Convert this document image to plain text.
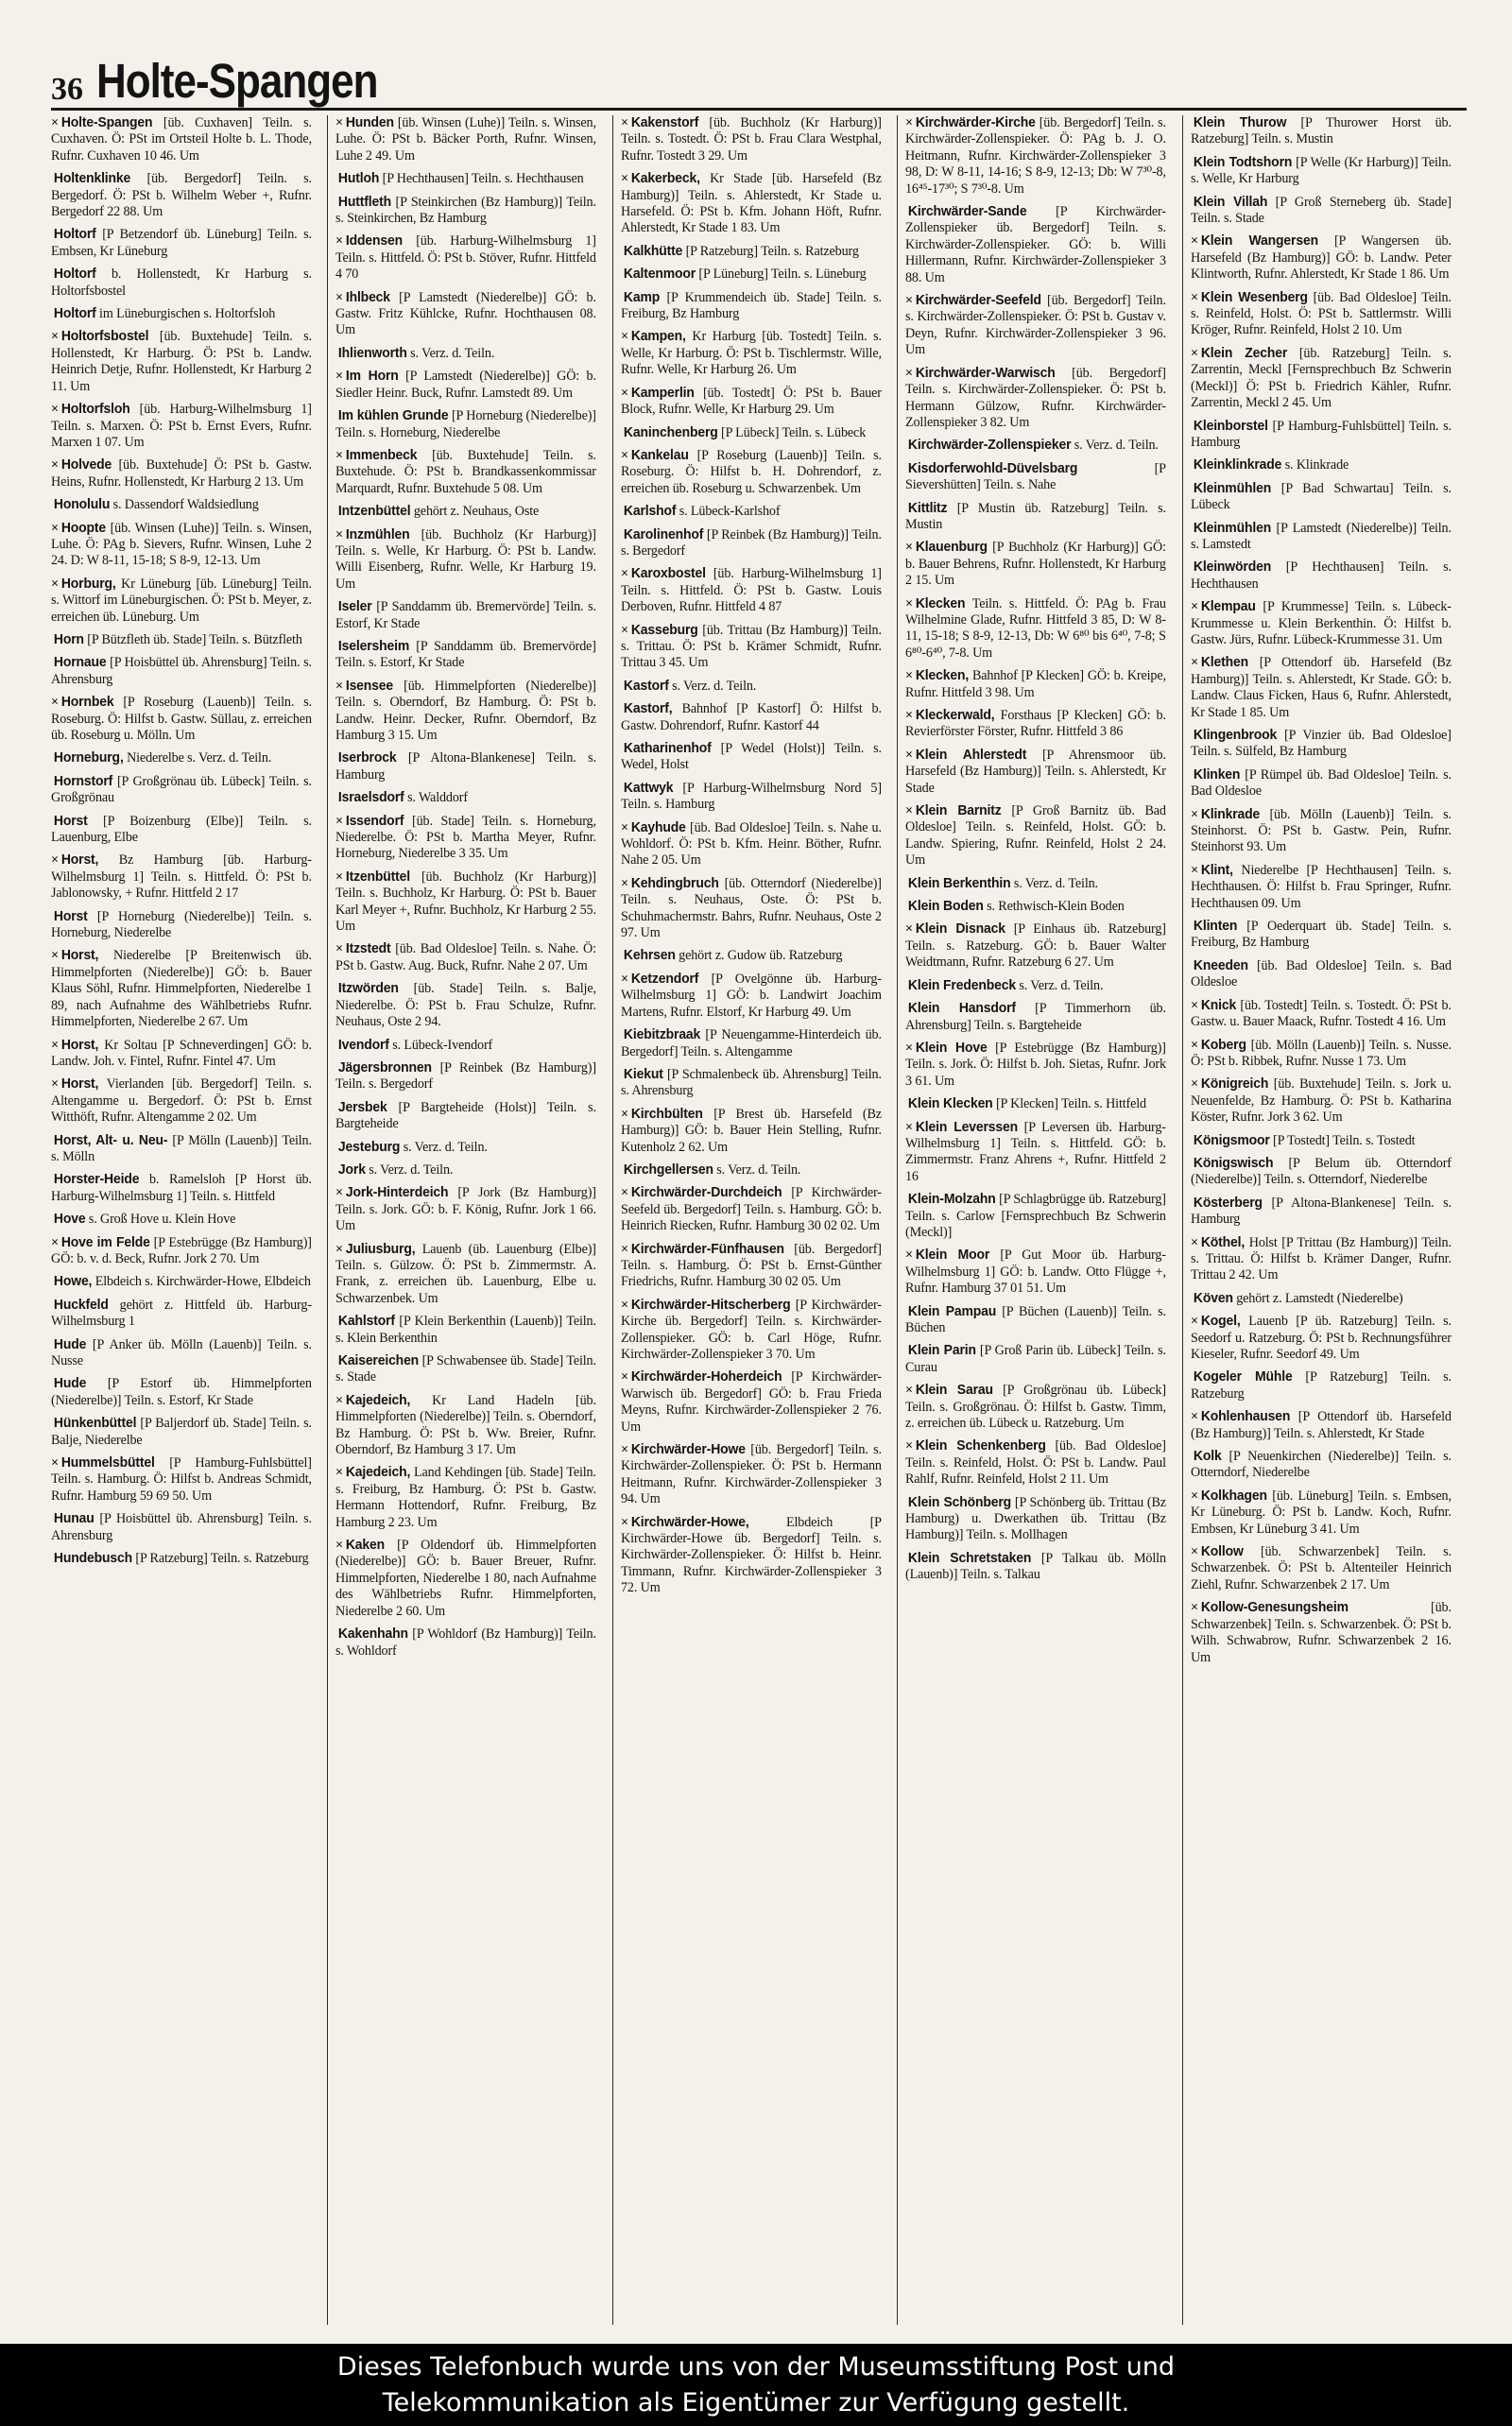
36 Holte-Spangen

× Holte-Spangen [üb. Cuxhaven] Teiln. s. Cuxhaven. Ö: PSt im Ortsteil Holte b. L. Thode, Rufnr. Cuxhaven 10 46. Um

Holtenklinke [üb. Bergedorf] Teiln. s. Bergedorf. Ö: PSt b. Wilhelm Weber +, Rufnr. Bergedorf 22 88. Um

Holtorf [P Betzendorf üb. Lüneburg] Teiln. s. Embsen, Kr Lüneburg

Holtorf b. Hollenstedt, Kr Harburg s. Holtorfsbostel

Holtorf im Lüneburgischen s. Holtorfsloh

× Holtorfsbostel [üb. Buxtehude] Teiln. s. Hollenstedt, Kr Harburg. Ö: PSt b. Landw. Heinrich Detje, Rufnr. Hollenstedt, Kr Harburg 2 11. Um

× Holtorfsloh [üb. Harburg-Wilhelmsburg 1] Teiln. s. Marxen. Ö: PSt b. Ernst Evers, Rufnr. Marxen 1 07. Um

× Holvede [üb. Buxtehude] Ö: PSt b. Gastw. Heins, Rufnr. Hollenstedt, Kr Harburg 2 13. Um

Honolulu s. Dassendorf Waldsiedlung

× Hoopte [üb. Winsen (Luhe)] Teiln. s. Winsen, Luhe. Ö: PAg b. Sievers, Rufnr. Winsen, Luhe 2 24. D: W 8-11, 15-18; S 8-9, 12-13. Um

× Horburg, Kr Lüneburg [üb. Lüneburg] Teiln. s. Wittorf im Lüneburgischen. Ö: PSt b. Meyer, z. erreichen üb. Lüneburg. Um

Horn [P Bützfleth üb. Stade] Teiln. s. Bützfleth

Hornaue [P Hoisbüttel üb. Ahrensburg] Teiln. s. Ahrensburg

× Hornbek [P Roseburg (Lauenb)] Teiln. s. Roseburg. Ö: Hilfst b. Gastw. Süllau, z. erreichen üb. Roseburg u. Mölln. Um

Horneburg, Niederelbe s. Verz. d. Teiln.

Hornstorf [P Großgrönau üb. Lübeck] Teiln. s. Großgrönau

Horst [P Boizenburg (Elbe)] Teiln. s. Lauenburg, Elbe

× Horst, Bz Hamburg [üb. Harburg-Wilhelmsburg 1] Teiln. s. Hittfeld. Ö: PSt b. Jablonowsky, + Rufnr. Hittfeld 2 17

Horst [P Horneburg (Niederelbe)] Teiln. s. Horneburg, Niederelbe

× Horst, Niederelbe [P Breitenwisch üb. Himmelpforten (Niederelbe)] GÖ: b. Bauer Klaus Söhl, Rufnr. Himmelpforten, Niederelbe 1 89, nach Aufnahme des Wählbetriebs Rufnr. Himmelpforten, Niederelbe 2 67. Um

× Horst, Kr Soltau [P Schneverdingen] GÖ: b. Landw. Joh. v. Fintel, Rufnr. Fintel 47. Um

× Horst, Vierlanden [üb. Bergedorf] Teiln. s. Altengamme u. Bergedorf. Ö: PSt b. Ernst Witthöft, Rufnr. Altengamme 2 02. Um

Horst, Alt- u. Neu- [P Mölln (Lauenb)] Teiln. s. Mölln

Horster-Heide b. Ramelsloh [P Horst üb. Harburg-Wilhelmsburg 1] Teiln. s. Hittfeld

Hove s. Groß Hove u. Klein Hove

× Hove im Felde [P Estebrügge (Bz Hamburg)] GÖ: b. v. d. Beck, Rufnr. Jork 2 70. Um

Howe, Elbdeich s. Kirchwärder-Howe, Elbdeich

Huckfeld gehört z. Hittfeld üb. Harburg-Wilhelmsburg 1

Hude [P Anker üb. Mölln (Lauenb)] Teiln. s. Nusse

Hude [P Estorf üb. Himmelpforten (Niederelbe)] Teiln. s. Estorf, Kr Stade

Hünkenbüttel [P Baljerdorf üb. Stade] Teiln. s. Balje, Niederelbe

× Hummelsbüttel [P Hamburg-Fuhlsbüttel] Teiln. s. Hamburg. Ö: Hilfst b. Andreas Schmidt, Rufnr. Hamburg 59 69 50. Um

Hunau [P Hoisbüttel üb. Ahrensburg] Teiln. s. Ahrensburg

Hundebusch [P Ratzeburg] Teiln. s. Ratzeburg

× Hunden [üb. Winsen (Luhe)] Teiln. s. Winsen, Luhe. Ö: PSt b. Bäcker Porth, Rufnr. Winsen, Luhe 2 49. Um

Hutloh [P Hechthausen] Teiln. s. Hechthausen

Huttfleth [P Steinkirchen (Bz Hamburg)] Teiln. s. Steinkirchen, Bz Hamburg

× Iddensen [üb. Harburg-Wilhelmsburg 1] Teiln. s. Hittfeld. Ö: PSt b. Stöver, Rufnr. Hittfeld 4 70

× Ihlbeck [P Lamstedt (Niederelbe)] GÖ: b. Gastw. Fritz Kühlcke, Rufnr. Hochthausen 08. Um

Ihlienworth s. Verz. d. Teiln.

× Im Horn [P Lamstedt (Niederelbe)] GÖ: b. Siedler Heinr. Buck, Rufnr. Lamstedt 89. Um

Im kühlen Grunde [P Horneburg (Niederelbe)] Teiln. s. Horneburg, Niederelbe

× Immenbeck [üb. Buxtehude] Teiln. s. Buxtehude. Ö: PSt b. Brandkassenkommissar Marquardt, Rufnr. Buxtehude 5 08. Um

Intzenbüttel gehört z. Neuhaus, Oste

× Inzmühlen [üb. Buchholz (Kr Harburg)] Teiln. s. Welle, Kr Harburg. Ö: PSt b. Landw. Willi Eisenberg, Rufnr. Welle, Kr Harburg 19. Um

Iseler [P Sanddamm üb. Bremervörde] Teiln. s. Estorf, Kr Stade

Iselersheim [P Sanddamm üb. Bremervörde] Teiln. s. Estorf, Kr Stade

× Isensee [üb. Himmelpforten (Niederelbe)] Teiln. s. Oberndorf, Bz Hamburg. Ö: PSt b. Landw. Heinr. Decker, Rufnr. Oberndorf, Bz Hamburg 3 15. Um

Iserbrock [P Altona-Blankenese] Teiln. s. Hamburg

Israelsdorf s. Walddorf

× Issendorf [üb. Stade] Teiln. s. Horneburg, Niederelbe. Ö: PSt b. Martha Meyer, Rufnr. Horneburg, Niederelbe 3 35. Um

× Itzenbüttel [üb. Buchholz (Kr Harburg)] Teiln. s. Buchholz, Kr Harburg. Ö: PSt b. Bauer Karl Meyer +, Rufnr. Buchholz, Kr Harburg 2 55. Um

× Itzstedt [üb. Bad Oldesloe] Teiln. s. Nahe. Ö: PSt b. Gastw. Aug. Buck, Rufnr. Nahe 2 07. Um

Itzwörden [üb. Stade] Teiln. s. Balje, Niederelbe. Ö: PSt b. Frau Schulze, Rufnr. Neuhaus, Oste 2 94.

Ivendorf s. Lübeck-Ivendorf

Jägersbronnen [P Reinbek (Bz Hamburg)] Teiln. s. Bergedorf

Jersbek [P Bargteheide (Holst)] Teiln. s. Bargteheide

Jesteburg s. Verz. d. Teiln.

Jork s. Verz. d. Teiln.

× Jork-Hinterdeich [P Jork (Bz Hamburg)] Teiln. s. Jork. GÖ: b. F. König, Rufnr. Jork 1 66. Um

× Juliusburg, Lauenb (üb. Lauenburg (Elbe)] Teiln. s. Gülzow. Ö: PSt b. Zimmermstr. A. Frank, z. erreichen üb. Lauenburg, Elbe u. Schwarzenbek. Um

Kahlstorf [P Klein Berkenthin (Lauenb)] Teiln. s. Klein Berkenthin

Kaisereichen [P Schwabensee üb. Stade] Teiln. s. Stade

× Kajedeich, Kr Land Hadeln [üb. Himmelpforten (Niederelbe)] Teiln. s. Oberndorf, Bz Hamburg. Ö: PSt b. Ww. Breier, Rufnr. Oberndorf, Bz Hamburg 3 17. Um

× Kajedeich, Land Kehdingen [üb. Stade] Teiln. s. Freiburg, Bz Hamburg. Ö: PSt b. Gastw. Hermann Hottendorf, Rufnr. Freiburg, Bz Hamburg 2 23. Um

× Kaken [P Oldendorf üb. Himmelpforten (Niederelbe)] GÖ: b. Bauer Breuer, Rufnr. Himmelpforten, Niederelbe 1 80, nach Aufnahme des Wählbetriebs Rufnr. Himmelpforten, Niederelbe 2 60. Um

Kakenhahn [P Wohldorf (Bz Hamburg)] Teiln. s. Wohldorf

× Kakenstorf [üb. Buchholz (Kr Harburg)] Teiln. s. Tostedt. Ö: PSt b. Frau Clara Westphal, Rufnr. Tostedt 3 29. Um

× Kakerbeck, Kr Stade [üb. Harsefeld (Bz Hamburg)] Teiln. s. Ahlerstedt, Kr Stade u. Harsefeld. Ö: PSt b. Kfm. Johann Höft, Rufnr. Ahlerstedt, Kr Stade 1 83. Um

Kalkhütte [P Ratzeburg] Teiln. s. Ratzeburg

Kaltenmoor [P Lüneburg] Teiln. s. Lüneburg

Kamp [P Krummendeich üb. Stade] Teiln. s. Freiburg, Bz Hamburg

× Kampen, Kr Harburg [üb. Tostedt] Teiln. s. Welle, Kr Harburg. Ö: PSt b. Tischlermstr. Wille, Rufnr. Welle, Kr Harburg 26. Um

× Kamperlin [üb. Tostedt] Ö: PSt b. Bauer Block, Rufnr. Welle, Kr Harburg 29. Um

Kaninchenberg [P Lübeck] Teiln. s. Lübeck

× Kankelau [P Roseburg (Lauenb)] Teiln. s. Roseburg. Ö: Hilfst b. H. Dohrendorf, z. erreichen üb. Roseburg u. Schwarzenbek. Um

Karlshof s. Lübeck-Karlshof

Karolinenhof [P Reinbek (Bz Hamburg)] Teiln. s. Bergedorf

× Karoxbostel [üb. Harburg-Wilhelmsburg 1] Teiln. s. Hittfeld. Ö: PSt b. Gastw. Louis Derboven, Rufnr. Hittfeld 4 87

× Kasseburg [üb. Trittau (Bz Hamburg)] Teiln. s. Trittau. Ö: PSt b. Krämer Schmidt, Rufnr. Trittau 3 45. Um

Kastorf s. Verz. d. Teiln.

Kastorf, Bahnhof [P Kastorf] Ö: Hilfst b. Gastw. Dohrendorf, Rufnr. Kastorf 44

Katharinenhof [P Wedel (Holst)] Teiln. s. Wedel, Holst

Kattwyk [P Harburg-Wilhelmsburg Nord 5] Teiln. s. Hamburg

× Kayhude [üb. Bad Oldesloe] Teiln. s. Nahe u. Wohldorf. Ö: PSt b. Kfm. Heinr. Böther, Rufnr. Nahe 2 05. Um

× Kehdingbruch [üb. Otterndorf (Niederelbe)] Teiln. s. Neuhaus, Oste. Ö: PSt b. Schuhmachermstr. Bahrs, Rufnr. Neuhaus, Oste 2 97. Um

Kehrsen gehört z. Gudow üb. Ratzeburg

× Ketzendorf [P Ovelgönne üb. Harburg-Wilhelmsburg 1] GÖ: b. Landwirt Joachim Martens, Rufnr. Elstorf, Kr Harburg 49. Um

Kiebitzbraak [P Neuengamme-Hinterdeich üb. Bergedorf] Teiln. s. Altengamme

Kiekut [P Schmalenbeck üb. Ahrensburg] Teiln. s. Ahrensburg

× Kirchbülten [P Brest üb. Harsefeld (Bz Hamburg)] GÖ: b. Bauer Hein Stelling, Rufnr. Kutenholz 2 62. Um

Kirchgellersen s. Verz. d. Teiln.

× Kirchwärder-Durchdeich [P Kirchwärder-Seefeld üb. Bergedorf] Teiln. s. Hamburg. GÖ: b. Heinrich Riecken, Rufnr. Hamburg 30 02 02. Um

× Kirchwärder-Fünfhausen [üb. Bergedorf] Teiln. s. Hamburg. Ö: PSt b. Ernst-Günther Friedrichs, Rufnr. Hamburg 30 02 05. Um

× Kirchwärder-Hitscherberg [P Kirchwärder-Kirche üb. Bergedorf] Teiln. s. Kirchwärder-Zollenspieker. GÖ: b. Carl Höge, Rufnr. Kirchwärder-Zollenspieker 3 70. Um

× Kirchwärder-Hoherdeich [P Kirchwärder-Warwisch üb. Bergedorf] GÖ: b. Frau Frieda Meyns, Rufnr. Kirchwärder-Zollenspieker 2 76. Um

× Kirchwärder-Howe [üb. Bergedorf] Teiln. s. Kirchwärder-Zollenspieker. Ö: PSt b. Hermann Heitmann, Rufnr. Kirchwärder-Zollenspieker 3 94. Um

× Kirchwärder-Howe,	Elbdeich [P Kirchwärder-Howe üb. Bergedorf] Teiln. s. Kirchwärder-Zollenspieker. Ö: Hilfst b. Heinr. Timmann, Rufnr. Kirchwärder-Zollenspieker 3 72. Um

× Kirchwärder-Kirche [üb. Bergedorf] Teiln. s. Kirchwärder-Zollenspieker. Ö: PAg b. J. O. Heitmann, Rufnr. Kirchwärder-Zollenspieker 3 98, D: W 8-11, 14-16; S 8-9, 12-13; Db: W 7³⁰-8, 16⁴⁵-17³⁰; S 7³⁰-8. Um

Kirchwärder-Sande [P Kirchwärder-Zollenspieker üb. Bergedorf] Teiln. s. Kirchwärder-Zollenspieker. GÖ: b. Willi Hillermann, Rufnr. Kirchwärder-Zollenspieker 3 88. Um

× Kirchwärder-Seefeld [üb. Bergedorf] Teiln. s. Kirchwärder-Zollenspieker. Ö: PSt b. Gustav v. Deyn, Rufnr. Kirchwärder-Zollenspieker 3 96. Um

× Kirchwärder-Warwisch [üb. Bergedorf] Teiln. s. Kirchwärder-Zollenspieker. Ö: PSt b. Hermann Gülzow, Rufnr. Kirchwärder-Zollenspieker 3 82. Um

Kirchwärder-Zollenspieker s. Verz. d. Teiln.

Kisdorferwohld-Düvelsbarg	[P Sievershütten] Teiln. s. Nahe

Kittlitz [P Mustin üb. Ratzeburg] Teiln. s. Mustin

× Klauenburg [P Buchholz (Kr Harburg)] GÖ: b. Bauer Behrens, Rufnr. Hollenstedt, Kr Harburg 2 15. Um

× Klecken Teiln. s. Hittfeld. Ö: PAg b. Frau Wilhelmine Glade, Rufnr. Hittfeld 3 85, D: W 8-11, 15-18; S 8-9, 12-13, Db: W 6⁸⁰ bis 6⁴⁰, 7-8; S 6⁸⁰-6⁴⁰, 7-8. Um

× Klecken, Bahnhof [P Klecken] GÖ: b. Kreipe, Rufnr. Hittfeld 3 98. Um

× Kleckerwald, Forsthaus [P Klecken] GÖ: b. Revierförster Förster, Rufnr. Hittfeld 3 86

× Klein Ahlerstedt [P Ahrensmoor üb. Harsefeld (Bz Hamburg)] Teiln. s. Ahlerstedt, Kr Stade

× Klein Barnitz [P Groß Barnitz üb. Bad Oldesloe] Teiln. s. Reinfeld, Holst. GÖ: b. Landw. Spiering, Rufnr. Reinfeld, Holst 2 24. Um

Klein Berkenthin s. Verz. d. Teiln.

Klein Boden s. Rethwisch-Klein Boden

× Klein Disnack [P Einhaus üb. Ratzeburg] Teiln. s. Ratzeburg. GÖ: b. Bauer Walter Weidtmann, Rufnr. Ratzeburg 6 27. Um

Klein Fredenbeck s. Verz. d. Teiln.

Klein Hansdorf [P Timmerhorn üb. Ahrensburg] Teiln. s. Bargteheide

× Klein Hove [P Estebrügge (Bz Hamburg)] Teiln. s. Jork. Ö: Hilfst b. Joh. Sietas, Rufnr. Jork 3 61. Um

Klein Klecken [P Klecken] Teiln. s. Hittfeld

× Klein Leverssen [P Leversen üb. Harburg-Wilhelmsburg 1] Teiln. s. Hittfeld. GÖ: b. Zimmermstr. Franz Ahrens +, Rufnr. Hittfeld 2 16

Klein-Molzahn [P Schlagbrügge üb. Ratzeburg] Teiln. s. Carlow [Fernsprechbuch Bz Schwerin (Meckl)]

× Klein Moor [P Gut Moor üb. Harburg-Wilhelmsburg 1] GÖ: b. Landw. Otto Flügge +, Rufnr. Hamburg 37 01 51. Um

Klein Pampau [P Büchen (Lauenb)] Teiln. s. Büchen

Klein Parin [P Groß Parin üb. Lübeck] Teiln. s. Curau

× Klein Sarau [P Großgrönau üb. Lübeck] Teiln. s. Großgrönau. Ö: Hilfst b. Gastw. Timm, z. erreichen üb. Lübeck u. Ratzeburg. Um

× Klein Schenkenberg [üb. Bad Oldesloe] Teiln. s. Reinfeld, Holst. Ö: PSt b. Landw. Paul Rahlf, Rufnr. Reinfeld, Holst 2 11. Um

Klein Schönberg [P Schönberg üb. Trittau (Bz Hamburg) u. Dwerkathen üb. Trittau (Bz Hamburg)] Teiln. s. Mollhagen

Klein Schretstaken [P Talkau üb. Mölln (Lauenb)] Teiln. s. Talkau

Klein Thurow [P Thurower Horst üb. Ratzeburg] Teiln. s. Mustin

Klein Todtshorn [P Welle (Kr Harburg)] Teiln. s. Welle, Kr Harburg

Klein Villah [P Groß Sterneberg üb. Stade] Teiln. s. Stade

× Klein Wangersen [P Wangersen üb. Harsefeld (Bz Hamburg)] GÖ: b. Landw. Peter Klintworth, Rufnr. Ahlerstedt, Kr Stade 1 86. Um

× Klein Wesenberg [üb. Bad Oldesloe] Teiln. s. Reinfeld, Holst. Ö: PSt b. Sattlermstr. Willi Kröger, Rufnr. Reinfeld, Holst 2 10. Um

× Klein Zecher [üb. Ratzeburg] Teiln. s. Zarrentin, Meckl [Fernsprechbuch Bz Schwerin (Meckl)] Ö: PSt b. Friedrich Kähler, Rufnr. Zarrentin, Meckl 2 45. Um

Kleinborstel [P Hamburg-Fuhlsbüttel] Teiln. s. Hamburg

Kleinklinkrade s. Klinkrade

Kleinmühlen [P Bad Schwartau] Teiln. s. Lübeck

Kleinmühlen [P Lamstedt (Niederelbe)] Teiln. s. Lamstedt

Kleinwörden [P Hechthausen] Teiln. s. Hechthausen

× Klempau [P Krummesse] Teiln. s. Lübeck-Krummesse u. Klein Berkenthin. Ö: Hilfst b. Gastw. Jürs, Rufnr. Lübeck-Krummesse 31. Um

× Klethen [P Ottendorf üb. Harsefeld (Bz Hamburg)] Teiln. s. Ahlerstedt, Kr Stade. GÖ: b. Landw. Claus Ficken, Haus 6, Rufnr. Ahlerstedt, Kr Stade 1 85. Um

Klingenbrook [P Vinzier üb. Bad Oldesloe] Teiln. s. Sülfeld, Bz Hamburg

Klinken [P Rümpel üb. Bad Oldesloe] Teiln. s. Bad Oldesloe

× Klinkrade [üb. Mölln (Lauenb)] Teiln. s. Steinhorst. Ö: PSt b. Gastw. Pein, Rufnr. Steinhorst 93. Um

× Klint, Niederelbe [P Hechthausen] Teiln. s. Hechthausen. Ö: Hilfst b. Frau Springer, Rufnr. Hechthausen 09. Um

Klinten [P Oederquart üb. Stade] Teiln. s. Freiburg, Bz Hamburg

Kneeden [üb. Bad Oldesloe] Teiln. s. Bad Oldesloe

× Knick [üb. Tostedt] Teiln. s. Tostedt. Ö: PSt b. Gastw. u. Bauer Maack, Rufnr. Tostedt 4 16. Um

× Koberg [üb. Mölln (Lauenb)] Teiln. s. Nusse. Ö: PSt b. Ribbek, Rufnr. Nusse 1 73. Um

× Königreich [üb. Buxtehude] Teiln. s. Jork u. Neuenfelde, Bz Hamburg. Ö: PSt b. Katharina Köster, Rufnr. Jork 3 62. Um

Königsmoor [P Tostedt] Teiln. s. Tostedt

Königswisch [P Belum üb. Otterndorf (Niederelbe)] Teiln. s. Otterndorf, Niederelbe

Kösterberg [P Altona-Blankenese] Teiln. s. Hamburg

× Köthel, Holst [P Trittau (Bz Hamburg)] Teiln. s. Trittau. Ö: Hilfst b. Krämer Danger, Rufnr. Trittau 2 42. Um

Köven gehört z. Lamstedt (Niederelbe)

× Kogel, Lauenb [P üb. Ratzeburg] Teiln. s. Seedorf u. Ratzeburg. Ö: PSt b. Rechnungsführer Kieseler, Rufnr. Seedorf 49. Um

Kogeler Mühle [P Ratzeburg] Teiln. s. Ratzeburg

× Kohlenhausen [P Ottendorf üb. Harsefeld (Bz Hamburg)] Teiln. s. Ahlerstedt, Kr Stade

Kolk [P Neuenkirchen (Niederelbe)] Teiln. s. Otterndorf, Niederelbe

× Kolkhagen [üb. Lüneburg] Teiln. s. Embsen, Kr Lüneburg. Ö: PSt b. Landw. Koch, Rufnr. Embsen, Kr Lüneburg 3 41. Um

× Kollow [üb. Schwarzenbek] Teiln. s. Schwarzenbek. Ö: PSt b. Altenteiler Heinrich Ziehl, Rufnr. Schwarzenbek 2 17. Um

× Kollow-Genesungsheim	[üb. Schwarzenbek] Teiln. s. Schwarzenbek. Ö: PSt b. Wilh. Schwabrow, Rufnr. Schwarzenbek 2 16. Um

Dieses Telefonbuch wurde uns von der Museumsstiftung Post und
Telekommunikation als Eigentümer zur Verfügung gestellt.
